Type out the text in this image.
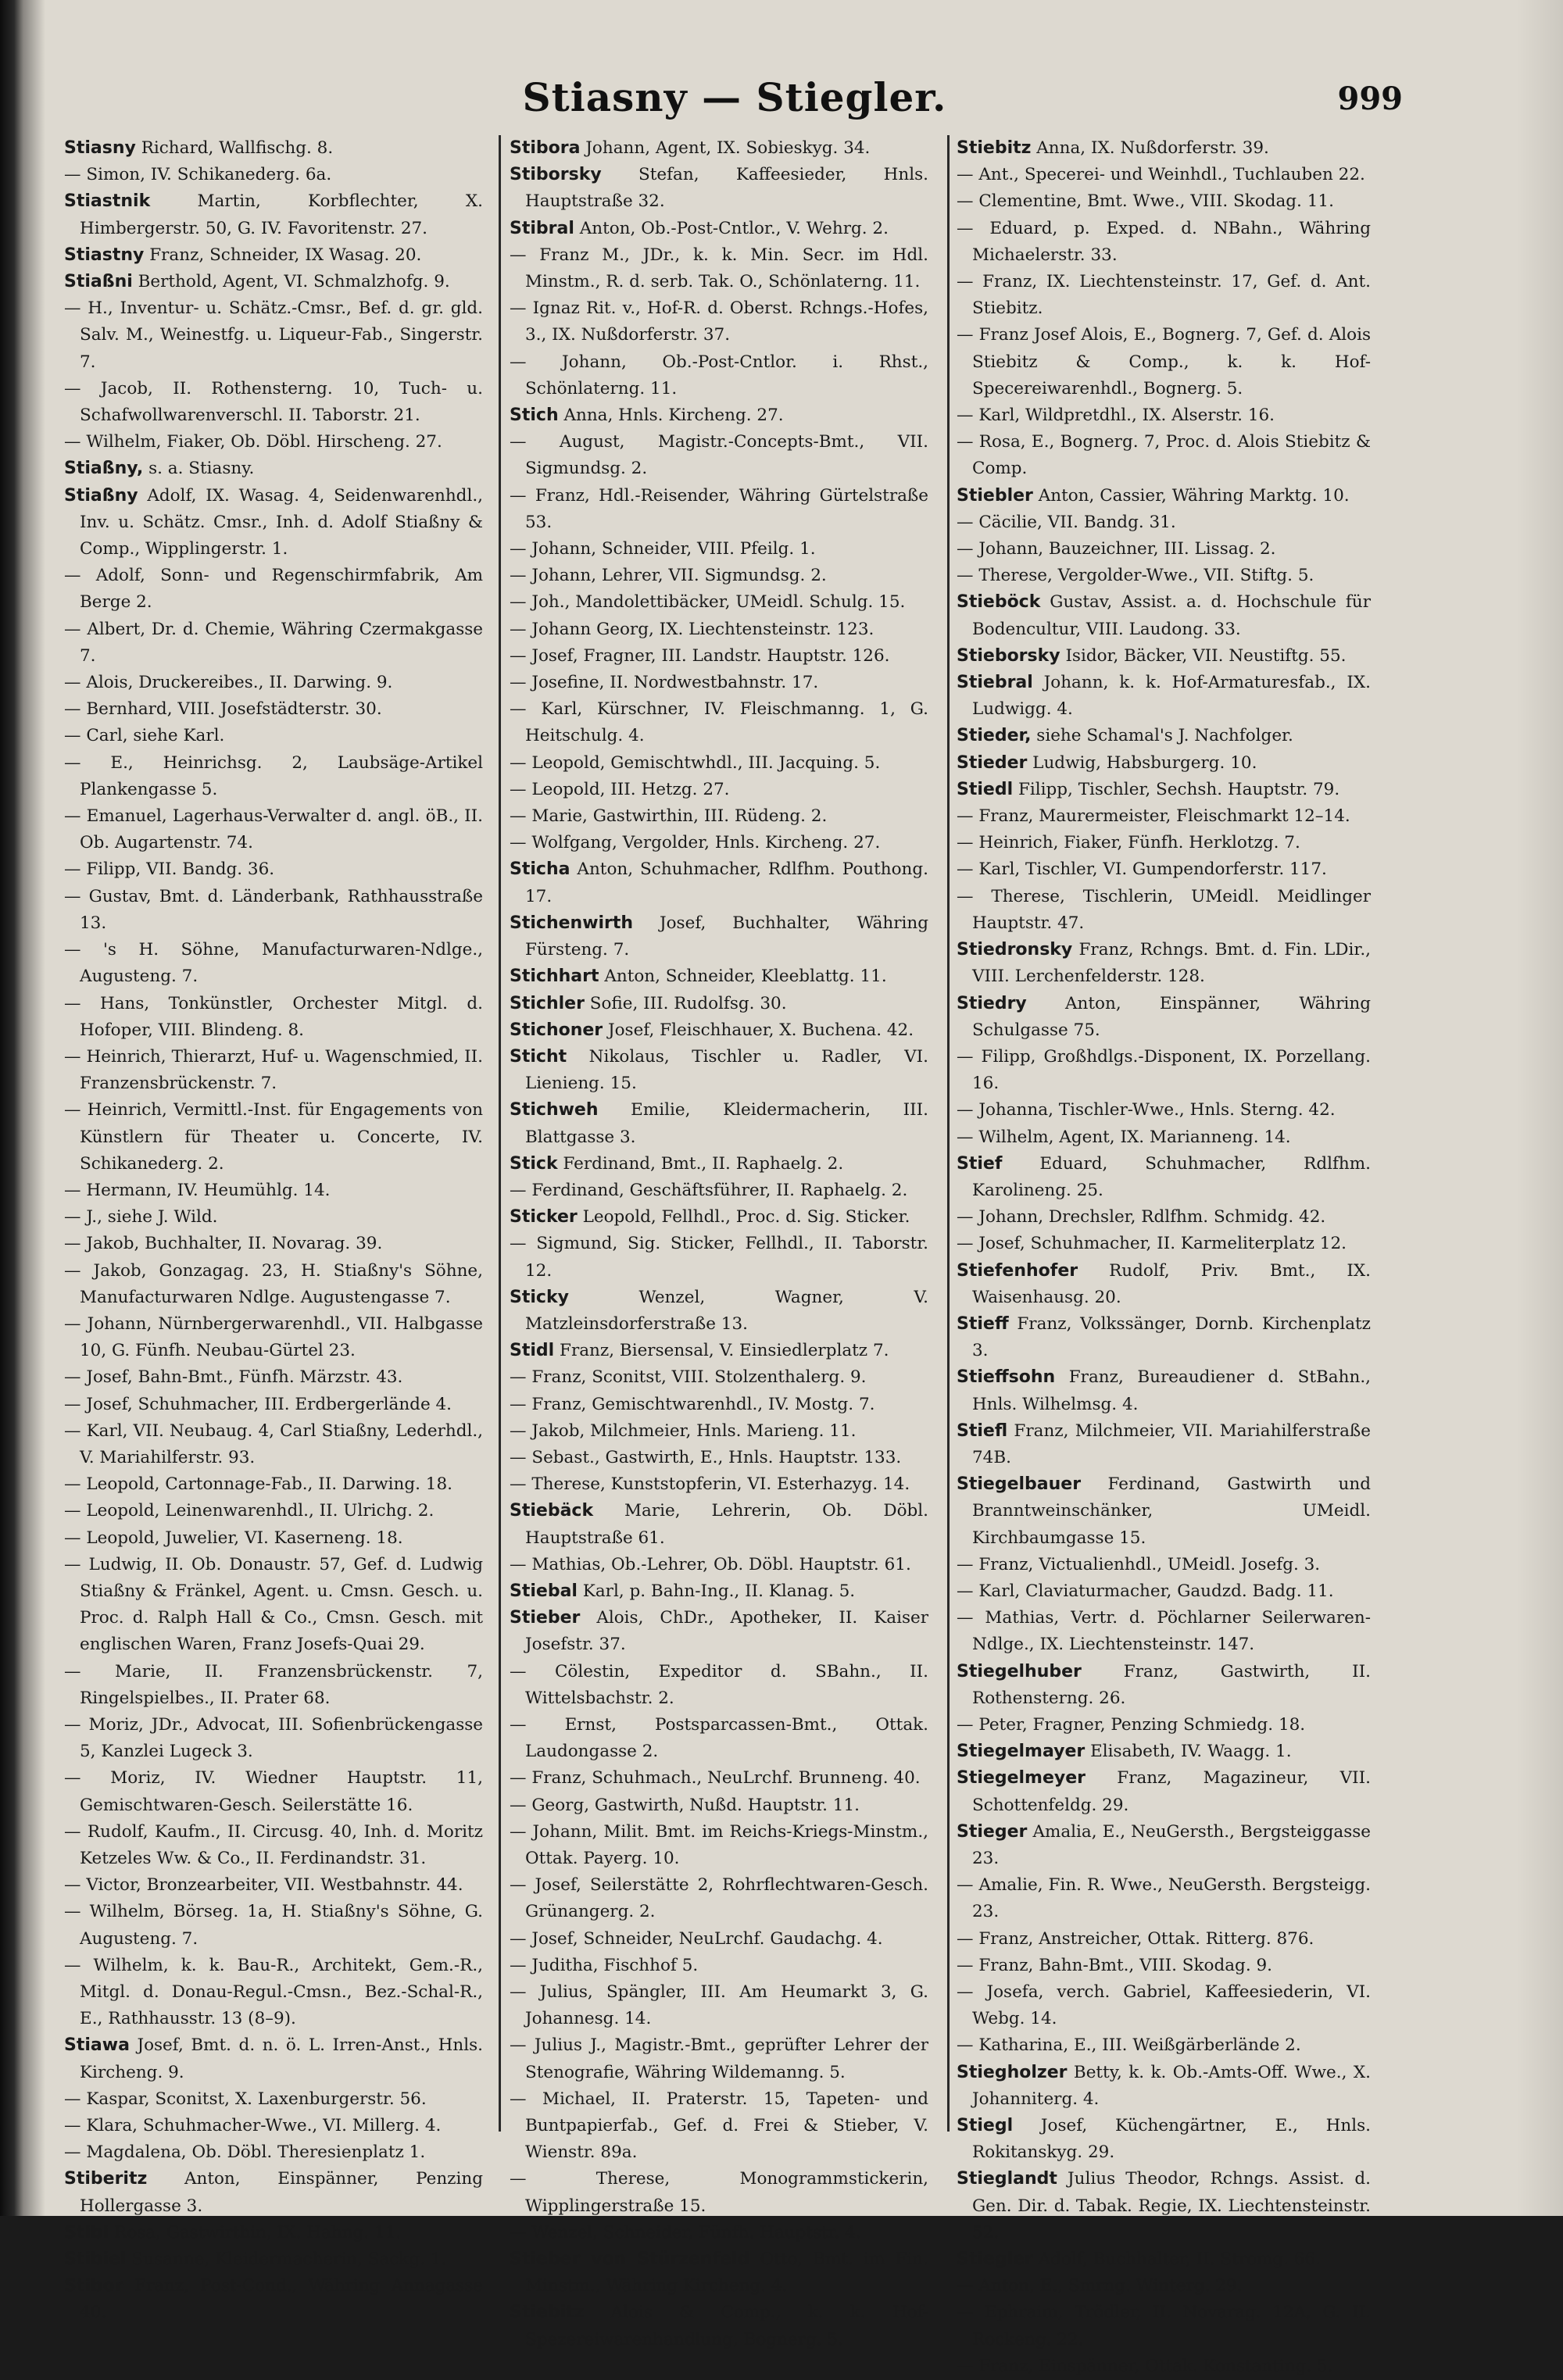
Stiasny — Stiegler.	999

Stiasny Richard, Wallfischg. 8.

— Simon, IV. Schikanederg. 6a.

Stiastnik Martin, Korbflechter, X. Himbergerstr. 50, G. IV. Favoritenstr. 27.

Stiastny Franz, Schneider, IX Wasag. 20.

Stiaßni Berthold, Agent, VI. Schmalzhofg. 9.

— H., Inventur- u. Schätz.-Cmsr., Bef. d. gr. gld. Salv. M., Weinestfg. u. Liqueur-Fab., Singerstr. 7.

— Jacob, II. Rothensterng. 10, Tuch- u. Schafwollwarenverschl. II. Taborstr. 21.

— Wilhelm, Fiaker, Ob. Döbl. Hirscheng. 27.

Stiaßny, s. a. Stiasny.

Stiaßny Adolf, IX. Wasag. 4, Seidenwarenhdl., Inv. u. Schätz. Cmsr., Inh. d. Adolf Stiaßny & Comp., Wipplingerstr. 1.

— Adolf, Sonn- und Regenschirmfabrik, Am Berge 2.

— Albert, Dr. d. Chemie, Währing Czermakgasse 7.

— Alois, Druckereibes., II. Darwing. 9.

— Bernhard, VIII. Josefstädterstr. 30.

— Carl, siehe Karl.

— E., Heinrichsg. 2, Laubsäge-Artikel Plankengasse 5.

— Emanuel, Lagerhaus-Verwalter d. angl. öB., II. Ob. Augartenstr. 74.

— Filipp, VII. Bandg. 36.

— Gustav, Bmt. d. Länderbank, Rathhausstraße 13.

— 's H. Söhne, Manufacturwaren-Ndlge., Augusteng. 7.

— Hans, Tonkünstler, Orchester Mitgl. d. Hofoper, VIII. Blindeng. 8.

— Heinrich, Thierarzt, Huf- u. Wagenschmied, II. Franzensbrückenstr. 7.

— Heinrich, Vermittl.-Inst. für Engagements von Künstlern für Theater u. Concerte, IV. Schikanederg. 2.

— Hermann, IV. Heumühlg. 14.

— J., siehe J. Wild.

— Jakob, Buchhalter, II. Novarag. 39.

— Jakob, Gonzagag. 23, H. Stiaßny's Söhne, Manufacturwaren Ndlge. Augustengasse 7.

— Johann, Nürnbergerwarenhdl., VII. Halbgasse 10, G. Fünfh. Neubau-Gürtel 23.

— Josef, Bahn-Bmt., Fünfh. Märzstr. 43.

— Josef, Schuhmacher, III. Erdbergerlände 4.

— Karl, VII. Neubaug. 4, Carl Stiaßny, Lederhdl., V. Mariahilferstr. 93.

— Leopold, Cartonnage-Fab., II. Darwing. 18.

— Leopold, Leinenwarenhdl., II. Ulrichg. 2.

— Leopold, Juwelier, VI. Kaserneng. 18.

— Ludwig, II. Ob. Donaustr. 57, Gef. d. Ludwig Stiaßny & Fränkel, Agent. u. Cmsn. Gesch. u. Proc. d. Ralph Hall & Co., Cmsn. Gesch. mit englischen Waren, Franz Josefs-Quai 29.

— Marie, II. Franzensbrückenstr. 7, Ringelspielbes., II. Prater 68.

— Moriz, JDr., Advocat, III. Sofienbrückengasse 5, Kanzlei Lugeck 3.

— Moriz, IV. Wiedner Hauptstr. 11, Gemischtwaren-Gesch. Seilerstätte 16.

— Rudolf, Kaufm., II. Circusg. 40, Inh. d. Moritz Ketzeles Ww. & Co., II. Ferdinandstr. 31.

— Victor, Bronzearbeiter, VII. Westbahnstr. 44.

— Wilhelm, Börseg. 1a, H. Stiaßny's Söhne, G. Augusteng. 7.

— Wilhelm, k. k. Bau-R., Architekt, Gem.-R., Mitgl. d. Donau-Regul.-Cmsn., Bez.-Schal-R., E., Rathhausstr. 13 (8–9).

Stiawa Josef, Bmt. d. n. ö. L. Irren-Anst., Hnls. Kircheng. 9.

— Kaspar, Sconitst, X. Laxenburgerstr. 56.

— Klara, Schuhmacher-Wwe., VI. Millerg. 4.

— Magdalena, Ob. Döbl. Theresienplatz 1.

Stiberitz Anton, Einspänner, Penzing Hollergasse 3.

Stibi Rosa, Gastwirthin, IX. Hahng. 11.

Stibiel Susanne, Kleidermacherin, Sackg. 1.

Stibor Franz, Post-Cond., Währing Annagasse 40.

Stibora Johann, Agent, IX. Sobieskyg. 34.

Stiborsky Stefan, Kaffeesieder, Hnls. Hauptstraße 32.

Stibral Anton, Ob.-Post-Cntlor., V. Wehrg. 2.

— Franz M., JDr., k. k. Min. Secr. im Hdl. Minstm., R. d. serb. Tak. O., Schönlaterng. 11.

— Ignaz Rit. v., Hof-R. d. Oberst. Rchngs.-Hofes, 3., IX. Nußdorferstr. 37.

— Johann, Ob.-Post-Cntlor. i. Rhst., Schönlaterng. 11.

Stich Anna, Hnls. Kircheng. 27.

— August, Magistr.-Concepts-Bmt., VII. Sigmundsg. 2.

— Franz, Hdl.-Reisender, Währing Gürtelstraße 53.

— Johann, Schneider, VIII. Pfeilg. 1.

— Johann, Lehrer, VII. Sigmundsg. 2.

— Joh., Mandolettibäcker, UMeidl. Schulg. 15.

— Johann Georg, IX. Liechtensteinstr. 123.

— Josef, Fragner, III. Landstr. Hauptstr. 126.

— Josefine, II. Nordwestbahnstr. 17.

— Karl, Kürschner, IV. Fleischmanng. 1, G. Heitschulg. 4.

— Leopold, Gemischtwhdl., III. Jacquing. 5.

— Leopold, III. Hetzg. 27.

— Marie, Gastwirthin, III. Rüdeng. 2.

— Wolfgang, Vergolder, Hnls. Kircheng. 27.

Sticha Anton, Schuhmacher, Rdlfhm. Pouthong. 17.

Stichenwirth Josef, Buchhalter, Währing Fürsteng. 7.

Stichhart Anton, Schneider, Kleeblattg. 11.

Stichler Sofie, III. Rudolfsg. 30.

Stichoner Josef, Fleischhauer, X. Buchena. 42.

Sticht Nikolaus, Tischler u. Radler, VI. Lienieng. 15.

Stichweh Emilie, Kleidermacherin, III. Blattgasse 3.

Stick Ferdinand, Bmt., II. Raphaelg. 2.

— Ferdinand, Geschäftsführer, II. Raphaelg. 2.

Sticker Leopold, Fellhdl., Proc. d. Sig. Sticker.

— Sigmund, Sig. Sticker, Fellhdl., II. Taborstr. 12.

Sticky Wenzel, Wagner, V. Matzleinsdorferstraße 13.

Stidl Franz, Biersensal, V. Einsiedlerplatz 7.

— Franz, Sconitst, VIII. Stolzenthalerg. 9.

— Franz, Gemischtwarenhdl., IV. Mostg. 7.

— Jakob, Milchmeier, Hnls. Marieng. 11.

— Sebast., Gastwirth, E., Hnls. Hauptstr. 133.

— Therese, Kunststopferin, VI. Esterhazyg. 14.

Stiebäck Marie, Lehrerin, Ob. Döbl. Hauptstraße 61.

— Mathias, Ob.-Lehrer, Ob. Döbl. Hauptstr. 61.

Stiebal Karl, p. Bahn-Ing., II. Klanag. 5.

Stieber Alois, ChDr., Apotheker, II. Kaiser Josefstr. 37.

— Cölestin, Expeditor d. SBahn., II. Wittelsbachstr. 2.

— Ernst, Postsparcassen-Bmt., Ottak. Laudongasse 2.

— Franz, Schuhmach., NeuLrchf. Brunneng. 40.

— Georg, Gastwirth, Nußd. Hauptstr. 11.

— Johann, Milit. Bmt. im Reichs-Kriegs-Minstm., Ottak. Payerg. 10.

— Josef, Seilerstätte 2, Rohrflechtwaren-Gesch. Grünangerg. 2.

— Josef, Schneider, NeuLrchf. Gaudachg. 4.

— Juditha, Fischhof 5.

— Julius, Spängler, III. Am Heumarkt 3, G. Johannesg. 14.

— Julius J., Magistr.-Bmt., geprüfter Lehrer der Stenografie, Währing Wildemanng. 5.

— Michael, II. Praterstr. 15, Tapeten- und Buntpapierfab., Gef. d. Frei & Stieber, V. Wienstr. 89a.

— Therese, Monogrammstickerin, Wipplingerstraße 15.

— Wenzel, Schneider, Fünfh. Hauptstr. 4.

Stieber von Stürzenfeld Otto, Bmt. im Fin. Minstm., Währing Kircheng. 4.

Stiebitz Alois & Comp., k. k. Hof-Spezereiwarenhandlung, Bognerg. 5.

Stiebitz Anna, IX. Nußdorferstr. 39.

— Ant., Specerei- und Weinhdl., Tuchlauben 22.

— Clementine, Bmt. Wwe., VIII. Skodag. 11.

— Eduard, p. Exped. d. NBahn., Währing Michaelerstr. 33.

— Franz, IX. Liechtensteinstr. 17, Gef. d. Ant. Stiebitz.

— Franz Josef Alois, E., Bognerg. 7, Gef. d. Alois Stiebitz & Comp., k. k. Hof-Specereiwarenhdl., Bognerg. 5.

— Karl, Wildpretdhl., IX. Alserstr. 16.

— Rosa, E., Bognerg. 7, Proc. d. Alois Stiebitz & Comp.

Stiebler Anton, Cassier, Währing Marktg. 10.

— Cäcilie, VII. Bandg. 31.

— Johann, Bauzeichner, III. Lissag. 2.

— Therese, Vergolder-Wwe., VII. Stiftg. 5.

Stieböck Gustav, Assist. a. d. Hochschule für Bodencultur, VIII. Laudong. 33.

Stieborsky Isidor, Bäcker, VII. Neustiftg. 55.

Stiebral Johann, k. k. Hof-Armaturesfab., IX. Ludwigg. 4.

Stieder, siehe Schamal's J. Nachfolger.

Stieder Ludwig, Habsburgerg. 10.

Stiedl Filipp, Tischler, Sechsh. Hauptstr. 79.

— Franz, Maurermeister, Fleischmarkt 12–14.

— Heinrich, Fiaker, Fünfh. Herklotzg. 7.

— Karl, Tischler, VI. Gumpendorferstr. 117.

— Therese, Tischlerin, UMeidl. Meidlinger Hauptstr. 47.

Stiedronsky Franz, Rchngs. Bmt. d. Fin. LDir., VIII. Lerchenfelderstr. 128.

Stiedry Anton, Einspänner, Währing Schulgasse 75.

— Filipp, Großhdlgs.-Disponent, IX. Porzellang. 16.

— Johanna, Tischler-Wwe., Hnls. Sterng. 42.

— Wilhelm, Agent, IX. Marianneng. 14.

Stief Eduard, Schuhmacher, Rdlfhm. Karolineng. 25.

— Johann, Drechsler, Rdlfhm. Schmidg. 42.

— Josef, Schuhmacher, II. Karmeliterplatz 12.

Stiefenhofer Rudolf, Priv. Bmt., IX. Waisenhausg. 20.

Stieff Franz, Volkssänger, Dornb. Kirchenplatz 3.

Stieffsohn Franz, Bureaudiener d. StBahn., Hnls. Wilhelmsg. 4.

Stiefl Franz, Milchmeier, VII. Mariahilferstraße 74B.

Stiegelbauer Ferdinand, Gastwirth und Branntweinschänker, UMeidl. Kirchbaumgasse 15.

— Franz, Victualienhdl., UMeidl. Josefg. 3.

— Karl, Claviaturmacher, Gaudzd. Badg. 11.

— Mathias, Vertr. d. Pöchlarner Seilerwaren-Ndlge., IX. Liechtensteinstr. 147.

Stiegelhuber Franz, Gastwirth, II. Rothensterng. 26.

— Peter, Fragner, Penzing Schmiedg. 18.

Stiegelmayer Elisabeth, IV. Waagg. 1.

Stiegelmeyer Franz, Magazineur, VII. Schottenfeldg. 29.

Stieger Amalia, E., NeuGersth., Bergsteiggasse 23.

— Amalie, Fin. R. Wwe., NeuGersth. Bergsteigg. 23.

— Franz, Anstreicher, Ottak. Ritterg. 876.

— Franz, Bahn-Bmt., VIII. Skodag. 9.

— Josefa, verch. Gabriel, Kaffeesiederin, VI. Webg. 14.

— Katharina, E., III. Weißgärberlände 2.

Stiegholzer Betty, k. k. Ob.-Amts-Off. Wwe., X. Johanniterg. 4.

Stiegl Josef, Küchengärtner, E., Hnls. Rokitanskyg. 29.

Stieglandt Julius Theodor, Rchngs. Assist. d. Gen. Dir. d. Tabak. Regie, IX. Liechtensteinstr. 52.

Stiegler Adolf, Buchhalter, II. Stromg. 66.

— Anton, E., Smrng. Winterg. 29.

— Ephraim, Trödler, II. Novarag. 12A, G. II. Rockeng. 22.

— Franz, Einspänner, Ottak. Konstanting. 5.
